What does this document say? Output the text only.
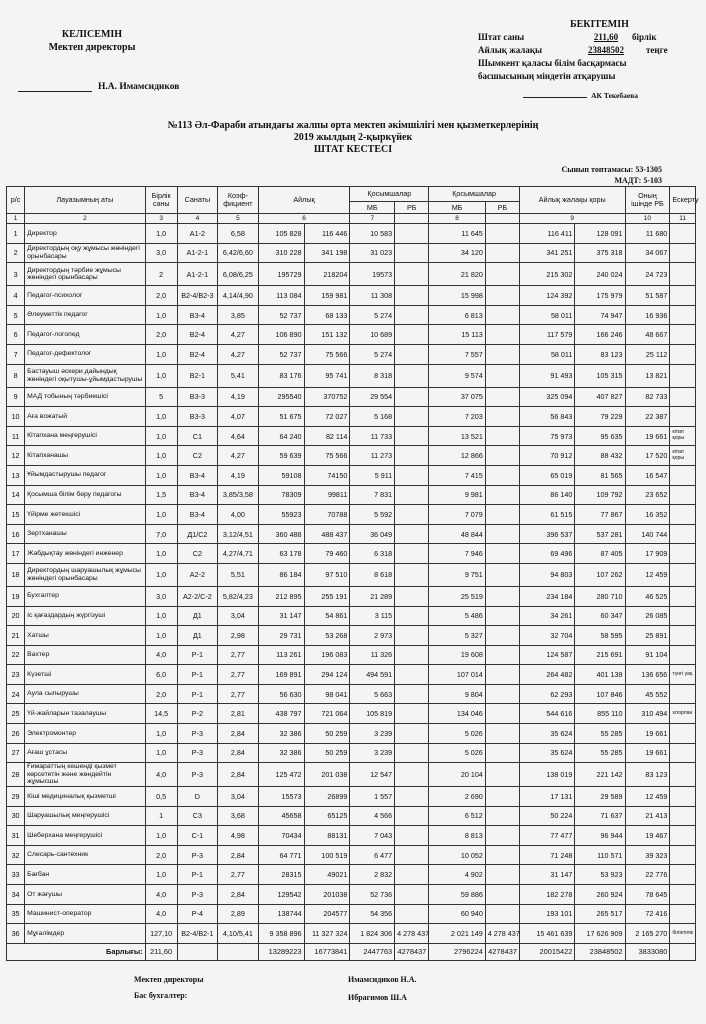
КЕЛІСЕМІН
Мектеп директоры
Н.А. Имамсидиков
БЕКІТЕМІН
Штат саны	211,60	бірлік
Айлық жалақы	23848502	теңге
Шымкент қаласы білім басқармасы
басшысының міндетін атқарушы
АК Текебаева
№113 Әл-Фараби атындағы жалпы орта мектеп әкімшілігі мен қызметкерлерінің
2019 жылдың 2-қыркүйек
ШТАТ КЕСТЕСІ
Сынып топтамасы: 53-1305
МАДТ: 5-103
р/с	Лауазымның аты	Бірлік саны	Санаты	Коэф-фициент	Айлық		Қосымшалар		Қосымшалар		Айлық жалақы қоры		Оның ішінде РБ	Ескерту
							МБ	РБ	МБ	РБ				
1	2	3	4	5	6		7		8		9		10	11
1	Директор	1,0	А1-2	6,58	105 828	116 446	10 583		11 645		116 411	128 091	11 680	
2	Директордың оқу жұмысы жөніндегі орынбасары	3,0	А1-2-1	6,42/6,60	310 228	341 198	31 023		34 120		341 251	375 318	34 067	
3	Директордың тәрбие жұмысы жөніндегі орынбасары	2	А1-2-1	6,08/6,25	195729	218204	19573		21 820		215 302	240 024	24 723	
4	Педагог-психолог	2,0	В2-4/В2-3	4,14/4,90	113 084	159 981	11 308		15 998		124 392	175 979	51 587	
5	Әлеуметтік педагог	1,0	В3-4	3,85	52 737	68 133	5 274		6 813		58 011	74 947	16 936	
6	Педагог-логопед	2,0	В2-4	4,27	106 890	151 132	10 689		15 113		117 579	166 246	48 667	
7	Педагог-дефектолог	1,0	В2-4	4,27	52 737	75 566	5 274		7 557		58 011	83 123	25 112	
8	Бастауыш әскери дайындық жөніндегі оқытушы-ұйымдастырушы	1,0	В2-1	5,41	83 176	95 741	8 318		9 574		91 493	105 315	13 821	
9	МАД тобының тәрбиешісі	5	В3-3	4,19	295540	370752	29 554		37 075		325 094	407 827	82 733	
10	Аға вожатый	1,0	В3-3	4,07	51 675	72 027	5 168		7 203		56 843	79 229	22 387	
11	Кітапхана меңгерушісі	1,0	С1	4,64	64 240	82 114	11 733		13 521		75 973	95 635	19 661	кітап қоры
12	Кітапханашы	1,0	С2	4,27	59 639	75 566	11 273		12 866		70 912	88 432	17 520	кітап қоры
13	Ұйымдастырушы педагог	1,0	В3-4	4,19	59108	74150	5 911		7 415		65 019	81 565	16 547	
14	Қосымша білім беру педагогы	1,5	В3-4	3,85/3,58	78309	99811	7 831		9 981		86 140	109 792	23 652	
15	Үйірме жетекшісі	1,0	В3-4	4,00	55923	70788	5 592		7 079		61 515	77 867	16 352	
16	Зертханашы	7,0	Д1/С2	3,12/4,51	360 488	488 437	36 049		48 844		396 537	537 281	140 744	
17	Жабдықтау жөніндегі инженер	1,0	С2	4,27/4,71	63 178	79 460	6 318		7 946		69 496	87 405	17 909	
18	Директордың шаруашылық жұмысы жөніндегі орынбасары	1,0	А2-2	5,51	86 184	97 510	8 618		9 751		94 803	107 262	12 459	
19	Бухгалтер	3,0	А2-2/С-2	5,82/4,23	212 895	255 191	21 289		25 519		234 184	280 710	46 525	
20	Іс қағаздардың жүргізушi	1,0	Д1	3,04	31 147	54 861	3 115		5 486		34 261	60 347	26 085	
21	Хатшы	1,0	Д1	2,98	29 731	53 268	2 973		5 327		32 704	58 595	25 891	
22	Вахтер	4,0	Р-1	2,77	113 261	196 083	11 326		19 608		124 587	215 691	91 104	
23	Күзетші	6,0	Р-1	2,77	169 891	294 124	494 591		107 014		264 482	401 139	136 656	түнгі уақ
24	Аула сыпырушы	2,0	Р-1	2,77	56 630	98 041	5 663		9 804		62 293	107 846	45 552	
25	Үй-жайларын тазалаушы	14,5	Р-2	2,81	438 797	721 064	105 819		134 046		544 616	855 110	310 494	хлорлан
26	Электромонтер	1,0	Р-3	2,84	32 386	50 259	3 239		5 026		35 624	55 285	19 661	
27	Ағаш ұстасы	1,0	Р-3	2,84	32 386	50 259	3 239		5 026		35 624	55 285	19 661	
28	Ғимараттың кешенді қызмет көрсететін және жөндейтін жұмысшы	4,0	Р-3	2,84	125 472	201 038	12 547		20 104		138 019	221 142	83 123	
29	Кіші медициналық қызметші	0,5	D	3,04	15573	26899	1 557		2 690		17 131	29 589	12 459	
30	Шаруашылық меңгерушісі	1	С3	3,68	45658	65125	4 566		6 512		50 224	71 637	21 413	
31	Шеберхана меңгерушісі	1,0	С-1	4,98	70434	88131	7 043		8 813		77 477	96 944	19 467	
32	Слесарь-сантехник	2,0	Р-3	2,84	64 771	100 519	6 477		10 052		71 248	110 571	39 323	
33	Бағбан	1,0	Р-1	2,77	28315	49021	2 832		4 902		31 147	53 923	22 776	
34	От жағушы	4,0	Р-3	2,84	129542	201038	52 736		59 886		182 278	260 924	78 645	
35	Машинист-оператор	4,0	Р-4	2,89	138744	204577	54 356		60 940		193 101	265 517	72 416	
36	Мұғалімдер	127,10	В2-4/В2-1	4,10/5,41	9 358 896	11 327 324	1 824 306	4 278 437	2 021 149	4 278 437	15 461 639	17 626 909	2 165 270	біліктілік
Барлығы:		211,60			13289223	16773841	2447763	4278437	2796224	4278437	20015422	23848502	3833080	
Мектеп директоры	Имамсидиков Н.А.
Бас бухгалтер:	Ибрагимов Ш.А
